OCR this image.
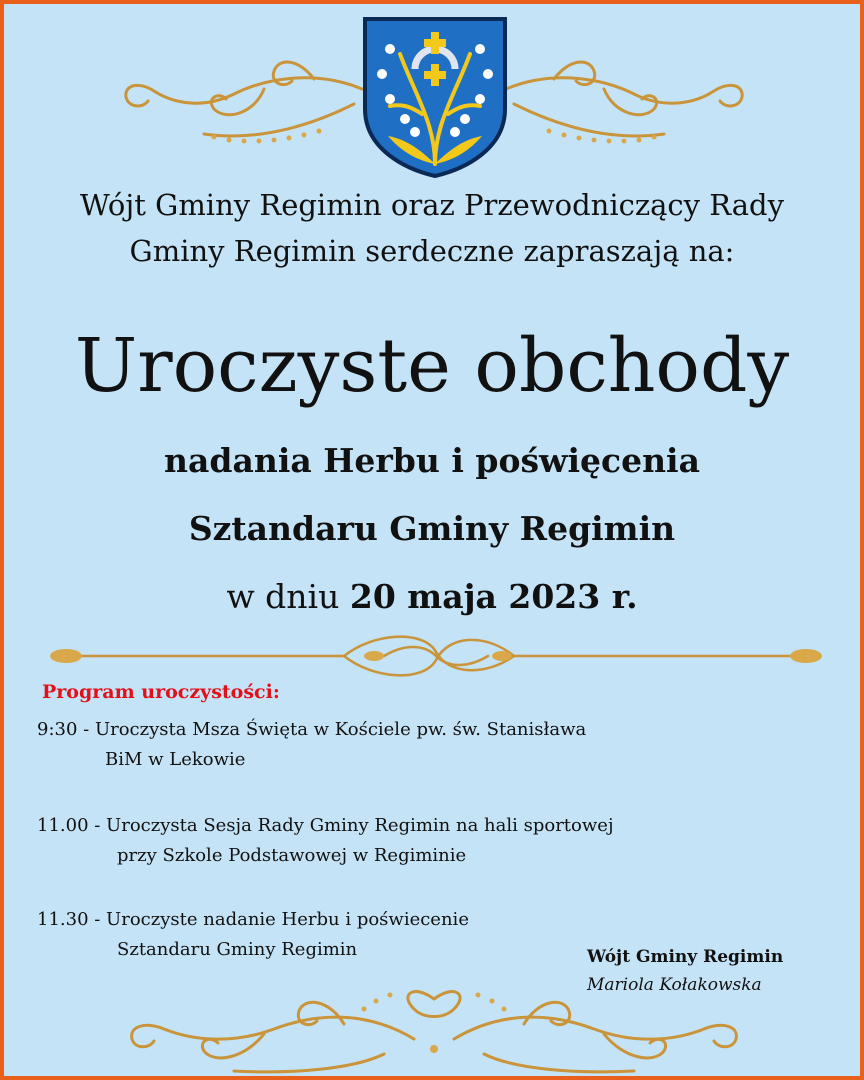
Wójt Gminy Regimin oraz Przewodniczący Rady
Gminy Regimin serdeczne zapraszają na:
Uroczyste obchody
nadania Herbu i poświęcenia
Sztandaru Gminy Regimin
w dniu 20 maja 2023 r.
Program uroczystości:
9:30 - Uroczysta Msza Święta w Kościele pw. św. Stanisława
BiM w Lekowie
11.00 - Uroczysta Sesja Rady Gminy Regimin na hali sportowej
przy Szkole Podstawowej w Regiminie
11.30 - Uroczyste nadanie Herbu i poświecenie
Sztandaru Gminy Regimin	Wójt Gminy Regimin
Mariola Kołakowska
